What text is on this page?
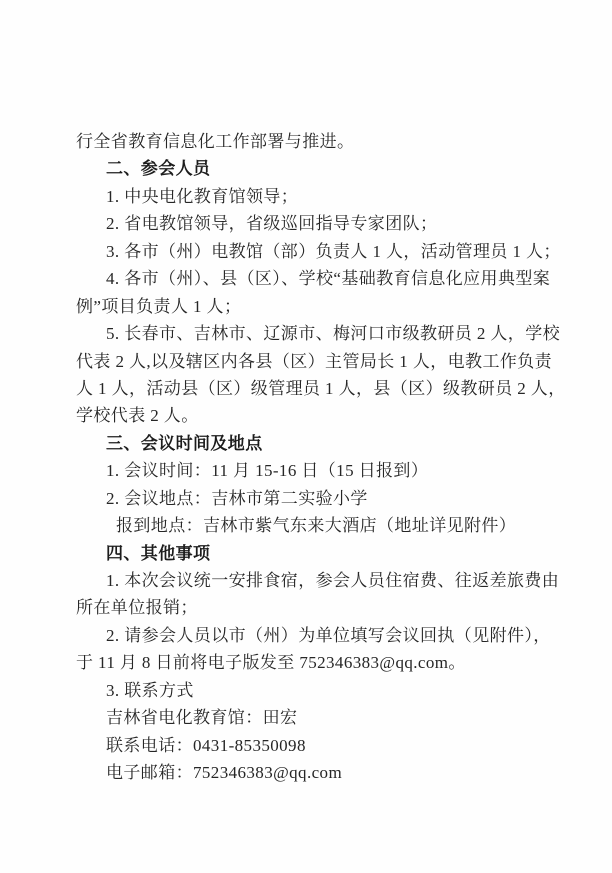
行全省教育信息化工作部署与推进。
二、参会人员
1. 中央电化教育馆领导；
2. 省电教馆领导，省级巡回指导专家团队；
3. 各市（州）电教馆（部）负责人 1 人，活动管理员 1 人；
4. 各市（州）、县（区）、学校“基础教育信息化应用典型案
例”项目负责人 1 人；
5. 长春市、吉林市、辽源市、梅河口市级教研员 2 人，学校
代表 2 人,以及辖区内各县（区）主管局长 1 人，电教工作负责
人 1 人，活动县（区）级管理员 1 人，县（区）级教研员 2 人，
学校代表 2 人。
三、会议时间及地点
1. 会议时间：11 月 15-16 日（15 日报到）
2. 会议地点：吉林市第二实验小学
报到地点：吉林市紫气东来大酒店（地址详见附件）
四、其他事项
1. 本次会议统一安排食宿，参会人员住宿费、往返差旅费由
所在单位报销；
2. 请参会人员以市（州）为单位填写会议回执（见附件），
于 11 月 8 日前将电子版发至 752346383@qq.com。
3. 联系方式
吉林省电化教育馆：田宏
联系电话：0431-85350098
电子邮箱：752346383@qq.com
